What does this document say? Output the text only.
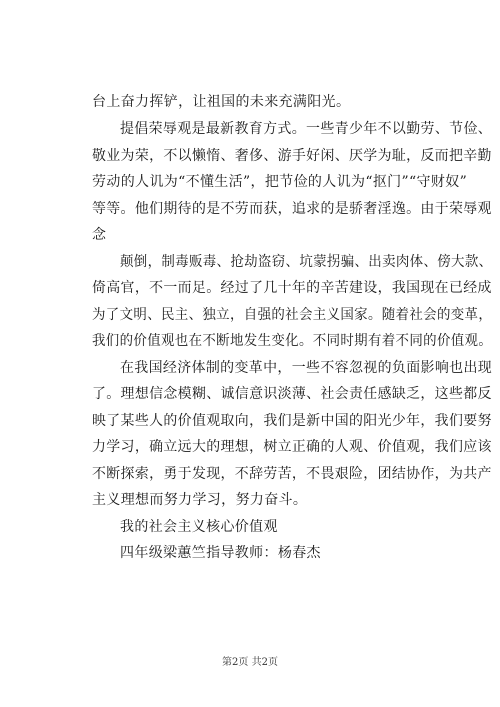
台上奋力挥铲，让祖国的未来充满阳光。
提倡荣辱观是最新教育方式。一些青少年不以勤劳、节俭、
敬业为荣，不以懒惰、奢侈、游手好闲、厌学为耻，反而把辛勤
劳动的人讥为“不懂生活”，把节俭的人讥为“抠门”“守财奴”
等等。他们期待的是不劳而获，追求的是骄奢淫逸。由于荣辱观
念
颠倒，制毒贩毒、抢劫盗窃、坑蒙拐骗、出卖肉体、傍大款、
倚高官，不一而足。经过了几十年的辛苦建设，我国现在已经成
为了文明、民主、独立，自强的社会主义国家。随着社会的变革，
我们的价值观也在不断地发生变化。不同时期有着不同的价值观。
在我国经济体制的变革中，一些不容忽视的负面影响也出现
了。理想信念模糊、诚信意识淡薄、社会责任感缺乏，这些都反
映了某些人的价值观取向，我们是新中国的阳光少年，我们要努
力学习，确立远大的理想，树立正确的人观、价值观，我们应该
不断探索，勇于发现，不辞劳苦，不畏艰险，团结协作，为共产
主义理想而努力学习，努力奋斗。
我的社会主义核心价值观
四年级梁蕙竺指导教师：杨春杰
第2页 共2页
